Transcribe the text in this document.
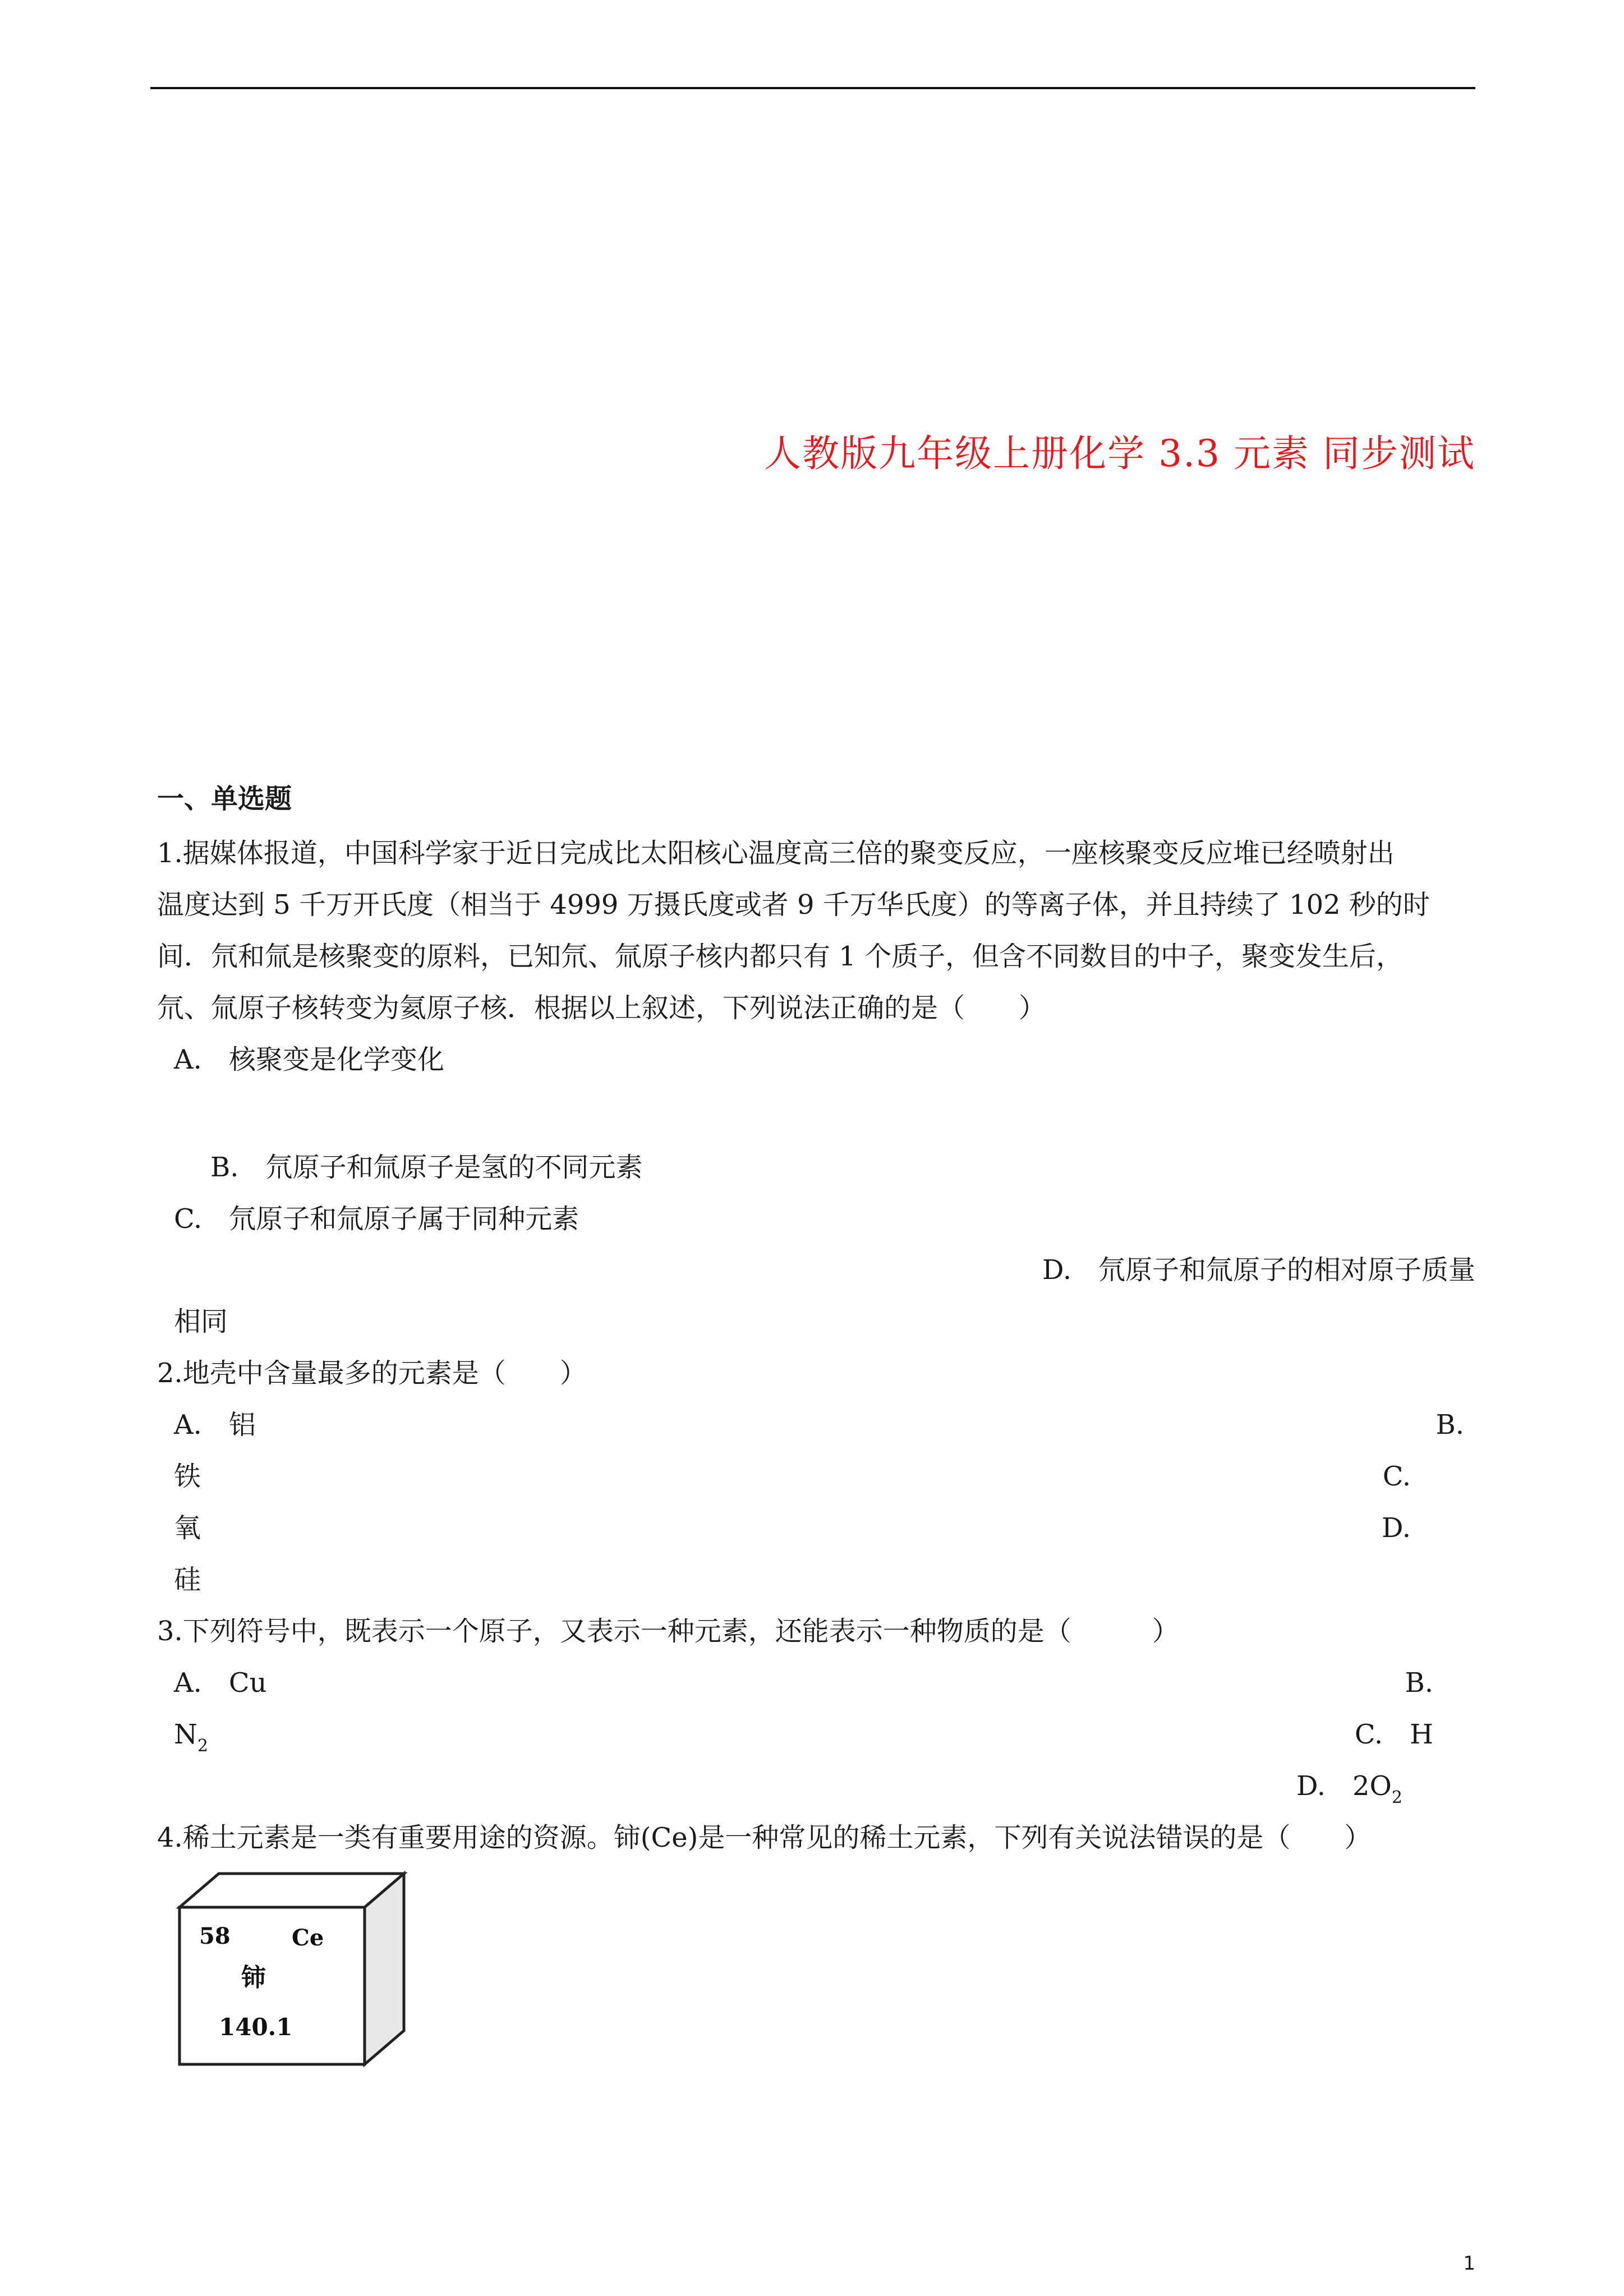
人教版九年级上册化学 3.3 元素 同步测试
一、单选题
1.据媒体报道，中国科学家于近日完成比太阳核心温度高三倍的聚变反应，一座核聚变反应堆已经喷射出
温度达到 5 千万开氏度（相当于 4999 万摄氏度或者 9 千万华氏度）的等离子体，并且持续了 102 秒的时
间．氘和氚是核聚变的原料，已知氘、氚原子核内都只有 1 个质子，但含不同数目的中子，聚变发生后，
氘、氚原子核转变为氦原子核．根据以上叙述，下列说法正确的是（　　）
A.　核聚变是化学变化
B.　氘原子和氚原子是氢的不同元素
C.　氘原子和氚原子属于同种元素
D.　氘原子和氚原子的相对原子质量
相同
2.地壳中含量最多的元素是（　　）
A.　铝	B.
铁	C.
氧	D.
硅
3.下列符号中，既表示一个原子，又表示一种元素，还能表示一种物质的是（　　　）
A.　Cu	B.
$N_2$	C.　H
D.　$2O_2$
4.稀土元素是一类有重要用途的资源。铈(Ce)是一种常见的稀土元素，下列有关说法错误的是（　　）
58	Ce
铈
140.1
1
